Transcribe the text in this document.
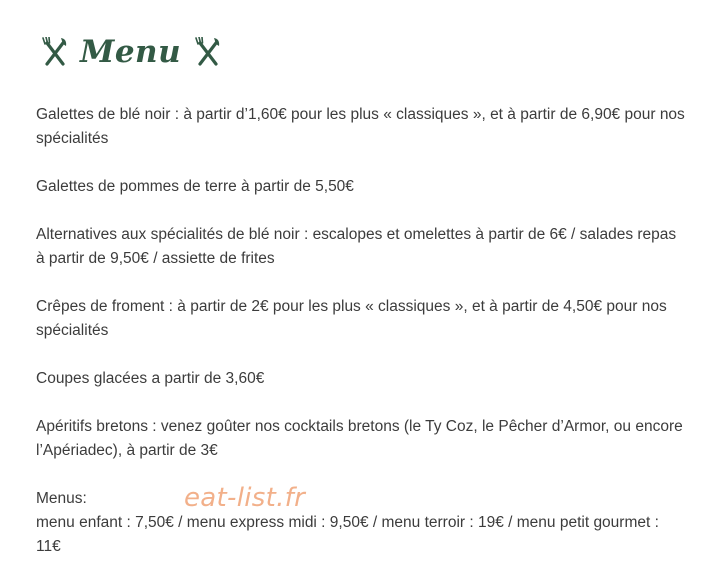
Menu

Galettes de blé noir : à partir d’1,60€ pour les plus « classiques », et à partir de 6,90€ pour nos spécialités

Galettes de pommes de terre à partir de 5,50€

Alternatives aux spécialités de blé noir : escalopes et omelettes à partir de 6€ / salades repas à partir de 9,50€ / assiette de frites

Crêpes de froment : à partir de 2€ pour les plus « classiques », et à partir de 4,50€ pour nos spécialités

Coupes glacées a partir de 3,60€

Apéritifs bretons : venez goûter nos cocktails bretons (le Ty Coz, le Pêcher d’Armor, ou encore l’Apériadec), à partir de 3€

Menus:
menu enfant : 7,50€ / menu express midi : 9,50€ / menu terroir : 19€ / menu petit gourmet : 11€

eat-list.fr
